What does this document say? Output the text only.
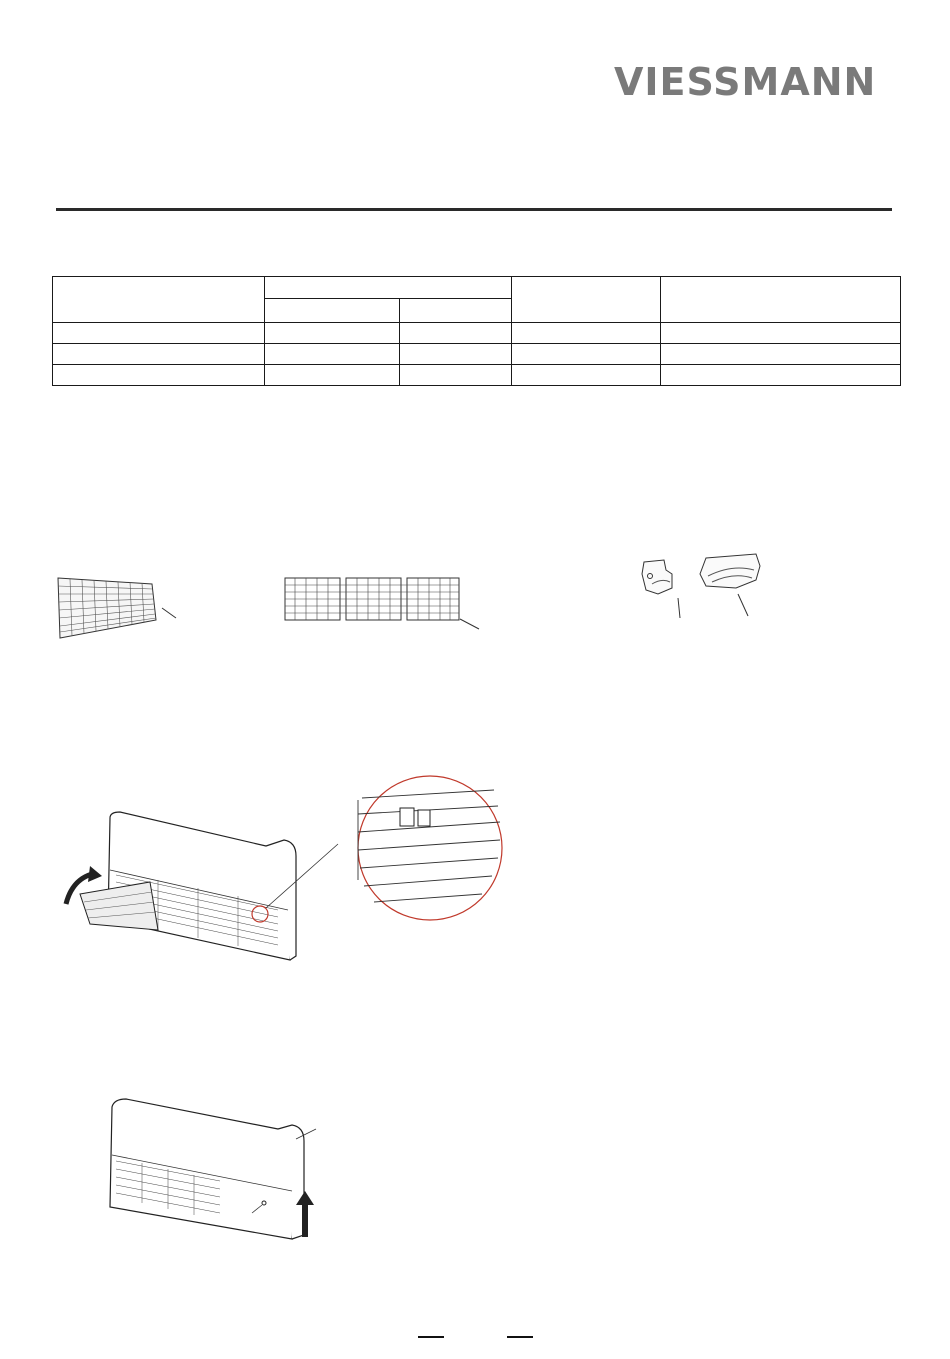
VIESSMANN
